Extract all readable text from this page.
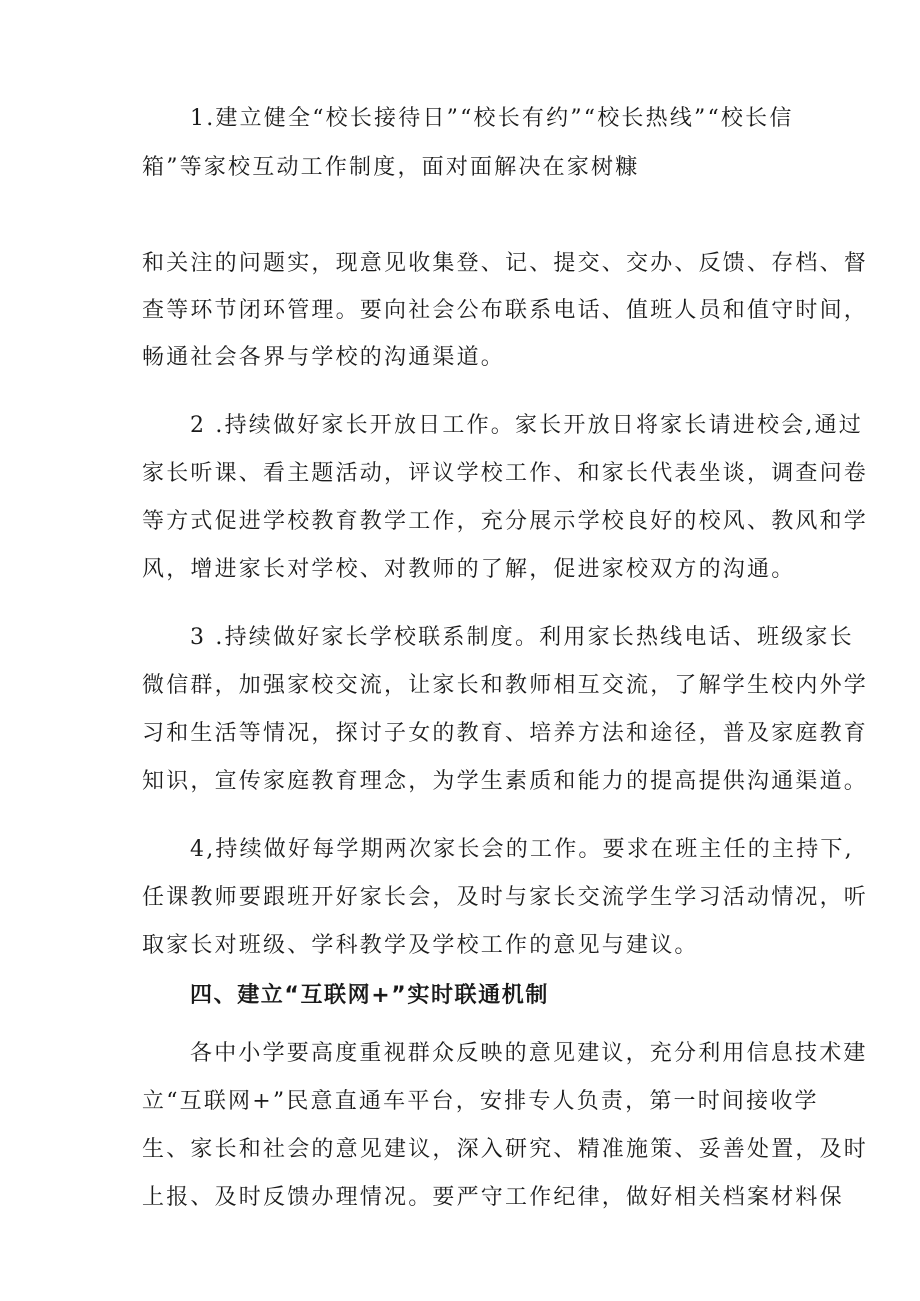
1.建立健全“校长接待日”“校长有约”“校长热线”“校长信
箱”等家校互动工作制度，面对面解决在家树糠
和关注的问题实，现意见收集登、记、提交、交办、反馈、存档、督
查等环节闭环管理。要向社会公布联系电话、值班人员和值守时间，
畅通社会各界与学校的沟通渠道。
2 .持续做好家长开放日工作。家长开放日将家长请进校会,通过
家长听课、看主题活动，评议学校工作、和家长代表坐谈，调查问卷
等方式促进学校教育教学工作，充分展示学校良好的校风、教风和学
风，增进家长对学校、对教师的了解，促进家校双方的沟通。
3 .持续做好家长学校联系制度。利用家长热线电话、班级家长
微信群，加强家校交流，让家长和教师相互交流，了解学生校内外学
习和生活等情况，探讨子女的教育、培养方法和途径，普及家庭教育
知识，宣传家庭教育理念，为学生素质和能力的提高提供沟通渠道。
4,持续做好每学期两次家长会的工作。要求在班主任的主持下,
任课教师要跟班开好家长会，及时与家长交流学生学习活动情况，听
取家长对班级、学科教学及学校工作的意见与建议。
四、建立“互联网+”实时联通机制
各中小学要高度重视群众反映的意见建议，充分利用信息技术建
立“互联网+”民意直通车平台，安排专人负责，第一时间接收学
生、家长和社会的意见建议，深入研究、精准施策、妥善处置，及时
上报、及时反馈办理情况。要严守工作纪律，做好相关档案材料保
